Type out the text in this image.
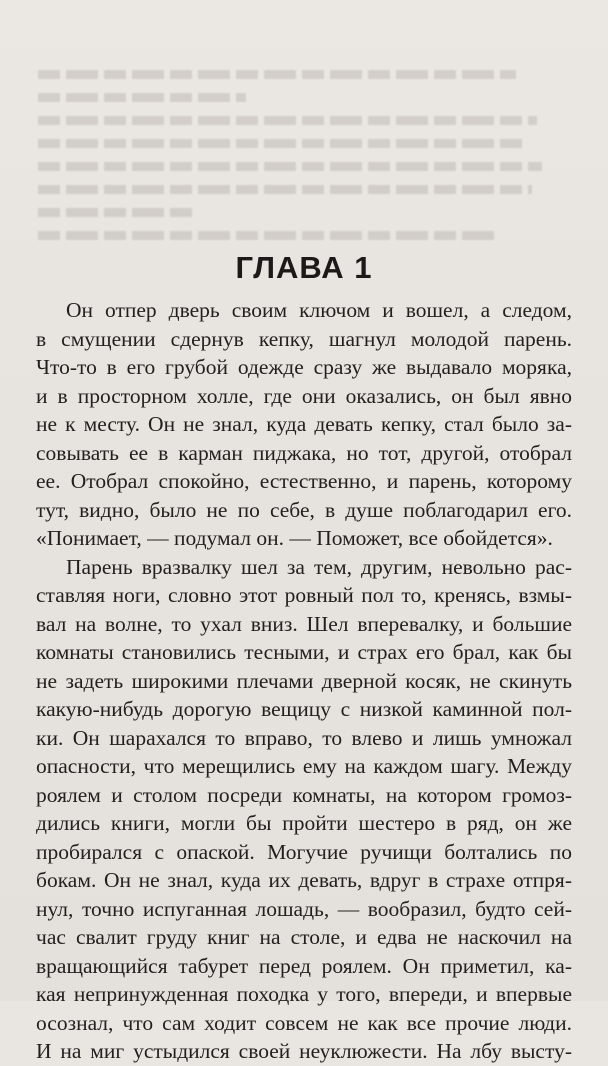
ГЛАВА 1
Он отпер дверь своим ключом и вошел, а следом,
в смущении сдернув кепку, шагнул молодой парень.
Что-то в его грубой одежде сразу же выдавало моряка,
и в просторном холле, где они оказались, он был явно
не к месту. Он не знал, куда девать кепку, стал было за-
совывать ее в карман пиджака, но тот, другой, отобрал
ее. Отобрал спокойно, естественно, и парень, которому
тут, видно, было не по себе, в душе поблагодарил его.
«Понимает, — подумал он. — Поможет, все обойдется».
Парень вразвалку шел за тем, другим, невольно рас-
ставляя ноги, словно этот ровный пол то, кренясь, взмы-
вал на волне, то ухал вниз. Шел вперевалку, и большие
комнаты становились тесными, и страх его брал, как бы
не задеть широкими плечами дверной косяк, не скинуть
какую-нибудь дорогую вещицу с низкой каминной пол-
ки. Он шарахался то вправо, то влево и лишь умножал
опасности, что мерещились ему на каждом шагу. Между
роялем и столом посреди комнаты, на котором громоз-
дились книги, могли бы пройти шестеро в ряд, он же
пробирался с опаской. Могучие ручищи болтались по
бокам. Он не знал, куда их девать, вдруг в страхе отпря-
нул, точно испуганная лошадь, — вообразил, будто сей-
час свалит груду книг на столе, и едва не наскочил на
вращающийся табурет перед роялем. Он приметил, ка-
кая непринужденная походка у того, впереди, и впервые
осознал, что сам ходит совсем не как все прочие люди.
И на миг устыдился своей неуклюжести. На лбу высту-
